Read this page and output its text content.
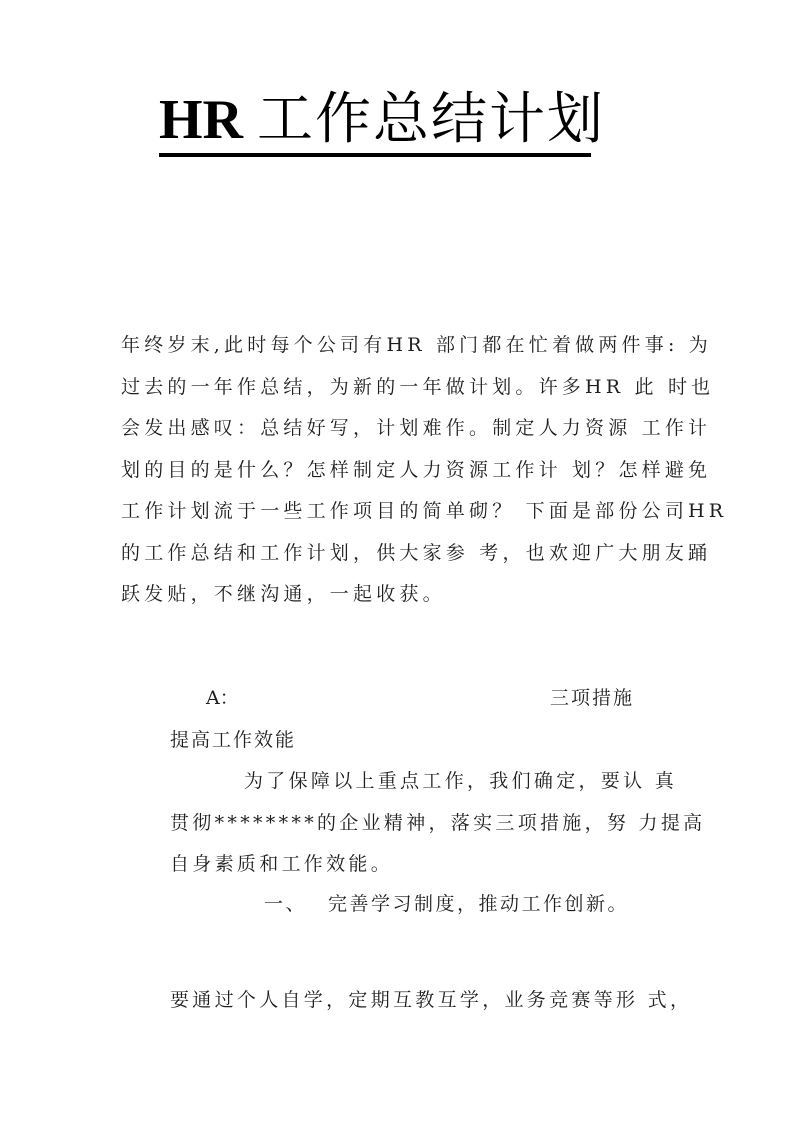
HR 工作总结计划
年终岁末,此时每个公司有HR 部门都在忙着做两件事: 为
过去的一年作总结，为新的一年做计划。许多HR 此 时也
会发出感叹：总结好写，计划难作。制定人力资源 工作计
划的目的是什么？怎样制定人力资源工作计 划？怎样避免
工作计划流于一些工作项目的简单砌？ 下面是部份公司HR
的工作总结和工作计划，供大家参 考，也欢迎广大朋友踊
跃发贴，不继沟通，一起收获。

A：	三项措施

提高工作效能

为了保障以上重点工作，我们确定，要认 真
贯彻********的企业精神，落实三项措施，努 力提高
自身素质和工作效能。

一、 完善学习制度，推动工作创新。

要通过个人自学，定期互教互学，业务竞赛等形 式，
